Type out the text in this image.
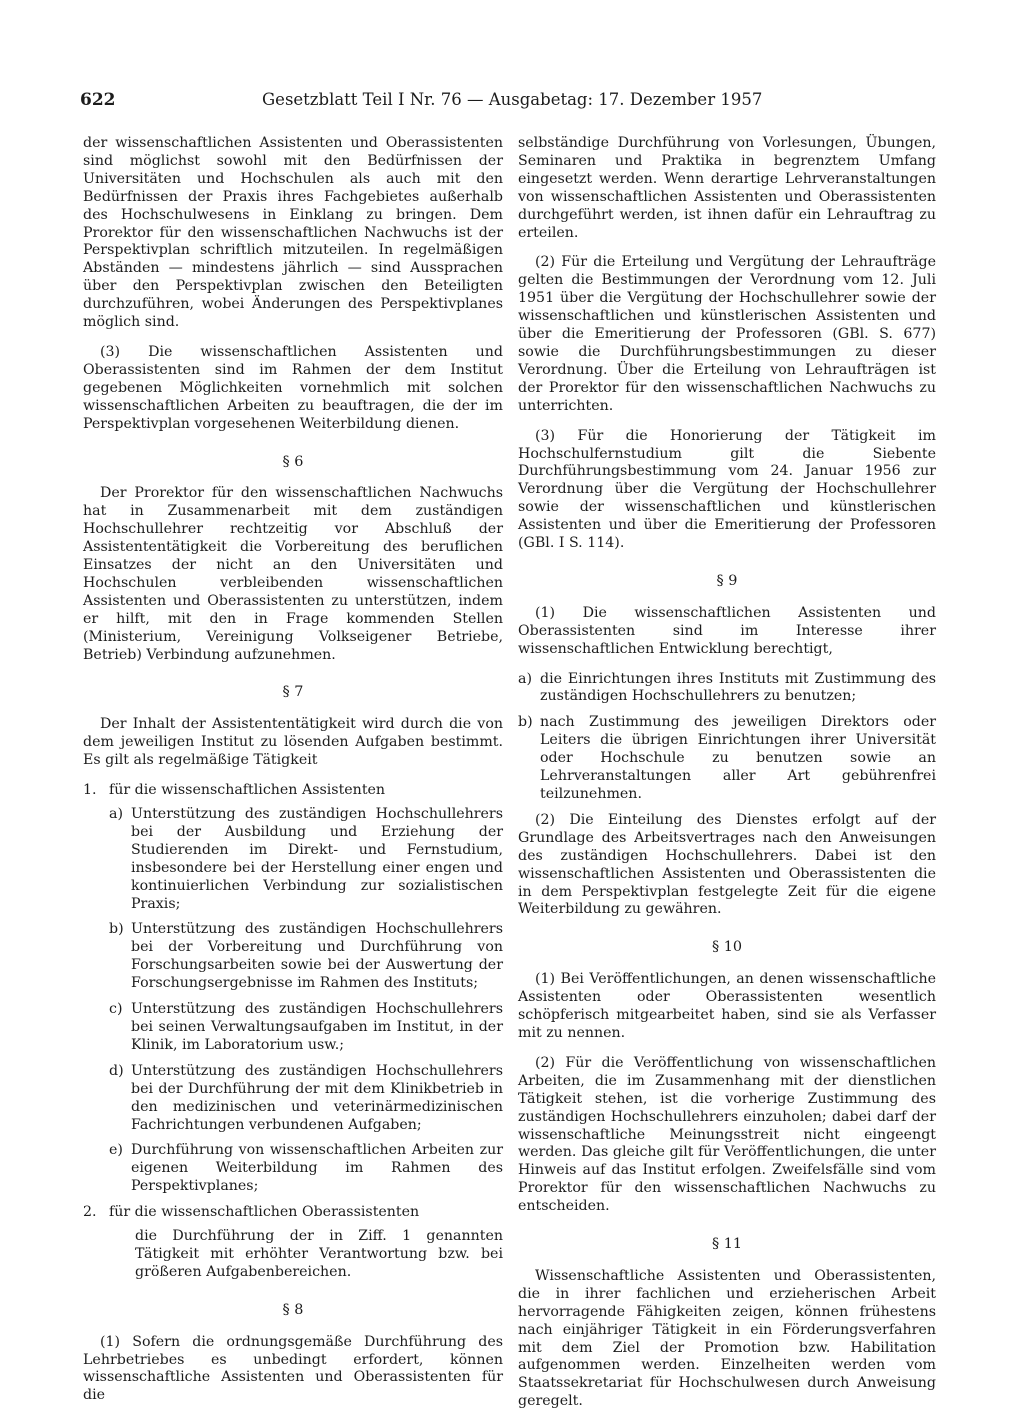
622	Gesetzblatt Teil I Nr. 76 — Ausgabetag: 17. Dezember 1957

der wissenschaftlichen Assistenten und Oberassistenten sind möglichst sowohl mit den Bedürfnissen der Universitäten und Hochschulen als auch mit den Bedürfnissen der Praxis ihres Fachgebietes außerhalb des Hochschulwesens in Einklang zu bringen. Dem Prorektor für den wissenschaftlichen Nachwuchs ist der Perspektivplan schriftlich mitzuteilen. In regelmäßigen Abständen — mindestens jährlich — sind Aussprachen über den Perspektivplan zwischen den Beteiligten durchzuführen, wobei Änderungen des Perspektivplanes möglich sind.

(3) Die wissenschaftlichen Assistenten und Oberassistenten sind im Rahmen der dem Institut gegebenen Möglichkeiten vornehmlich mit solchen wissenschaftlichen Arbeiten zu beauftragen, die der im Perspektivplan vorgesehenen Weiterbildung dienen.

§ 6

Der Prorektor für den wissenschaftlichen Nachwuchs hat in Zusammenarbeit mit dem zuständigen Hochschullehrer rechtzeitig vor Abschluß der Assistententätigkeit die Vorbereitung des beruflichen Einsatzes der nicht an den Universitäten und Hochschulen verbleibenden wissenschaftlichen Assistenten und Oberassistenten zu unterstützen, indem er hilft, mit den in Frage kommenden Stellen (Ministerium, Vereinigung Volkseigener Betriebe, Betrieb) Verbindung aufzunehmen.

§ 7

Der Inhalt der Assistententätigkeit wird durch die von dem jeweiligen Institut zu lösenden Aufgaben bestimmt. Es gilt als regelmäßige Tätigkeit

1. für die wissenschaftlichen Assistenten
a) Unterstützung des zuständigen Hochschullehrers bei der Ausbildung und Erziehung der Studierenden im Direkt- und Fernstudium, insbesondere bei der Herstellung einer engen und kontinuierlichen Verbindung zur sozialistischen Praxis;
b) Unterstützung des zuständigen Hochschullehrers bei der Vorbereitung und Durchführung von Forschungsarbeiten sowie bei der Auswertung der Forschungsergebnisse im Rahmen des Instituts;
c) Unterstützung des zuständigen Hochschullehrers bei seinen Verwaltungsaufgaben im Institut, in der Klinik, im Laboratorium usw.;
d) Unterstützung des zuständigen Hochschullehrers bei der Durchführung der mit dem Klinikbetrieb in den medizinischen und veterinärmedizinischen Fachrichtungen verbundenen Aufgaben;
e) Durchführung von wissenschaftlichen Arbeiten zur eigenen Weiterbildung im Rahmen des Perspektivplanes;
2. für die wissenschaftlichen Oberassistenten
die Durchführung der in Ziff. 1 genannten Tätigkeit mit erhöhter Verantwortung bzw. bei größeren Aufgabenbereichen.
§ 8

(1) Sofern die ordnungsgemäße Durchführung des Lehrbetriebes es unbedingt erfordert, können wissenschaftliche Assistenten und Oberassistenten für die

selbständige Durchführung von Vorlesungen, Übungen, Seminaren und Praktika in begrenztem Umfang eingesetzt werden. Wenn derartige Lehrveranstaltungen von wissenschaftlichen Assistenten und Oberassistenten durchgeführt werden, ist ihnen dafür ein Lehrauftrag zu erteilen.

(2) Für die Erteilung und Vergütung der Lehraufträge gelten die Bestimmungen der Verordnung vom 12. Juli 1951 über die Vergütung der Hochschullehrer sowie der wissenschaftlichen und künstlerischen Assistenten und über die Emeritierung der Professoren (GBl. S. 677) sowie die Durchführungsbestimmungen zu dieser Verordnung. Über die Erteilung von Lehraufträgen ist der Prorektor für den wissenschaftlichen Nachwuchs zu unterrichten.

(3) Für die Honorierung der Tätigkeit im Hochschulfernstudium gilt die Siebente Durchführungsbestimmung vom 24. Januar 1956 zur Verordnung über die Vergütung der Hochschullehrer sowie der wissenschaftlichen und künstlerischen Assistenten und über die Emeritierung der Professoren (GBl. I S. 114).

§ 9

(1) Die wissenschaftlichen Assistenten und Oberassistenten sind im Interesse ihrer wissenschaftlichen Entwicklung berechtigt,

a) die Einrichtungen ihres Instituts mit Zustimmung des zuständigen Hochschullehrers zu benutzen;
b) nach Zustimmung des jeweiligen Direktors oder Leiters die übrigen Einrichtungen ihrer Universität oder Hochschule zu benutzen sowie an Lehrveranstaltungen aller Art gebührenfrei teilzunehmen.

(2) Die Einteilung des Dienstes erfolgt auf der Grundlage des Arbeitsvertrages nach den Anweisungen des zuständigen Hochschullehrers. Dabei ist den wissenschaftlichen Assistenten und Oberassistenten die in dem Perspektivplan festgelegte Zeit für die eigene Weiterbildung zu gewähren.

§ 10

(1) Bei Veröffentlichungen, an denen wissenschaftliche Assistenten oder Oberassistenten wesentlich schöpferisch mitgearbeitet haben, sind sie als Verfasser mit zu nennen.

(2) Für die Veröffentlichung von wissenschaftlichen Arbeiten, die im Zusammenhang mit der dienstlichen Tätigkeit stehen, ist die vorherige Zustimmung des zuständigen Hochschullehrers einzuholen; dabei darf der wissenschaftliche Meinungsstreit nicht eingeengt werden. Das gleiche gilt für Veröffentlichungen, die unter Hinweis auf das Institut erfolgen. Zweifelsfälle sind vom Prorektor für den wissenschaftlichen Nachwuchs zu entscheiden.

§ 11

Wissenschaftliche Assistenten und Oberassistenten, die in ihrer fachlichen und erzieherischen Arbeit hervorragende Fähigkeiten zeigen, können frühestens nach einjähriger Tätigkeit in ein Förderungsverfahren mit dem Ziel der Promotion bzw. Habilitation aufgenommen werden. Einzelheiten werden vom Staatssekretariat für Hochschulwesen durch Anweisung geregelt.
